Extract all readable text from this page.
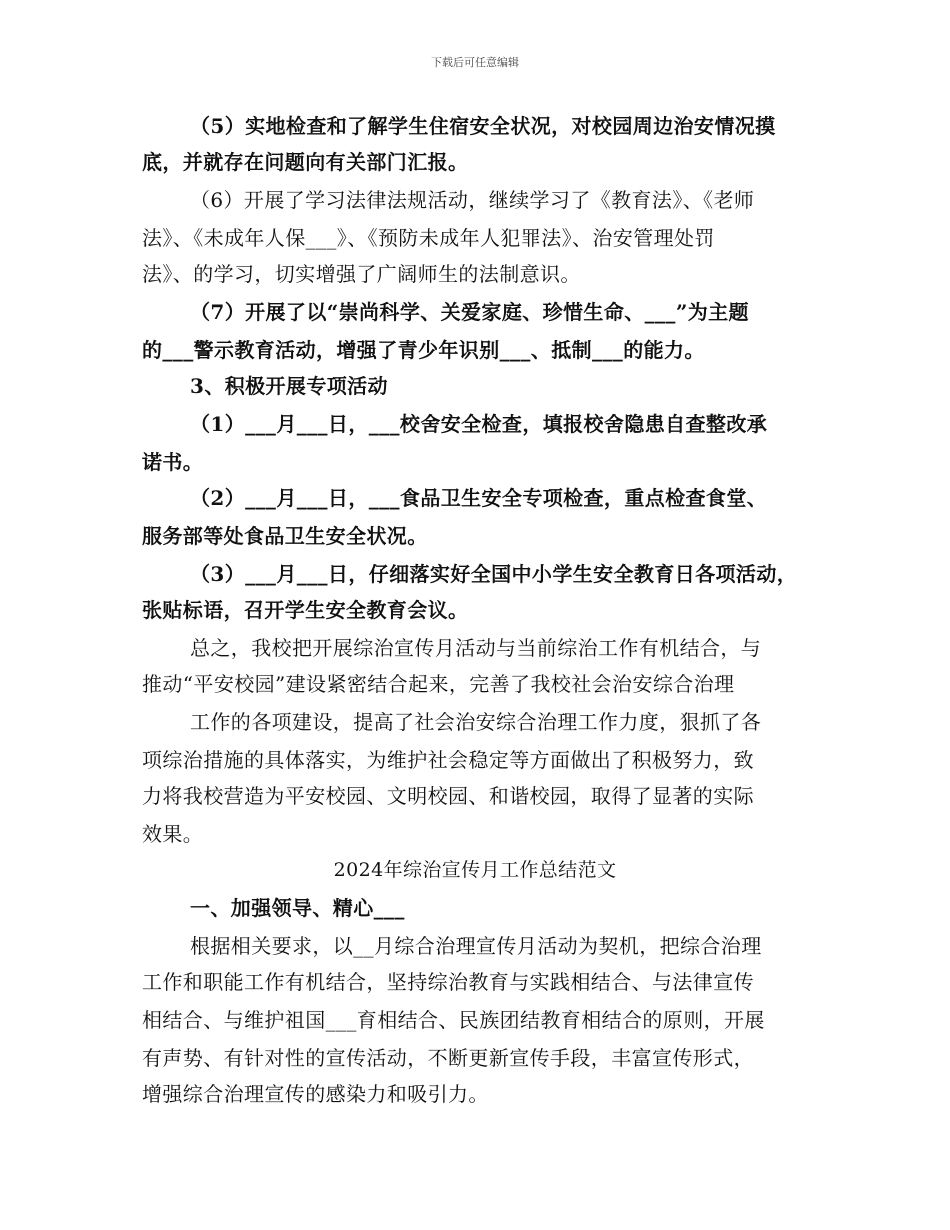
下载后可任意编辑
（5）实地检查和了解学生住宿安全状况，对校园周边治安情况摸
底，并就存在问题向有关部门汇报。
（6）开展了学习法律法规活动，继续学习了《教育法》、《老师
法》、《未成年人保___》、《预防未成年人犯罪法》、治安管理处罚
法》、的学习，切实增强了广阔师生的法制意识。
（7）开展了以“崇尚科学、关爱家庭、珍惜生命、___”为主题
的___警示教育活动，增强了青少年识别___、抵制___的能力。
3、积极开展专项活动
（1）___月___日，___校舍安全检查，填报校舍隐患自查整改承
诺书。
（2）___月___日，___食品卫生安全专项检查，重点检查食堂、
服务部等处食品卫生安全状况。
（3）___月___日，仔细落实好全国中小学生安全教育日各项活动，
张贴标语，召开学生安全教育会议。
总之，我校把开展综治宣传月活动与当前综治工作有机结合，与
推动“平安校园”建设紧密结合起来，完善了我校社会治安综合治理
工作的各项建设，提高了社会治安综合治理工作力度，狠抓了各
项综治措施的具体落实，为维护社会稳定等方面做出了积极努力，致
力将我校营造为平安校园、文明校园、和谐校园，取得了显著的实际
效果。
2024年综治宣传月工作总结范文
一、加强领导、精心___
根据相关要求，以__月综合治理宣传月活动为契机，把综合治理
工作和职能工作有机结合，坚持综治教育与实践相结合、与法律宣传
相结合、与维护祖国___育相结合、民族团结教育相结合的原则，开展
有声势、有针对性的宣传活动，不断更新宣传手段，丰富宣传形式，
增强综合治理宣传的感染力和吸引力。
